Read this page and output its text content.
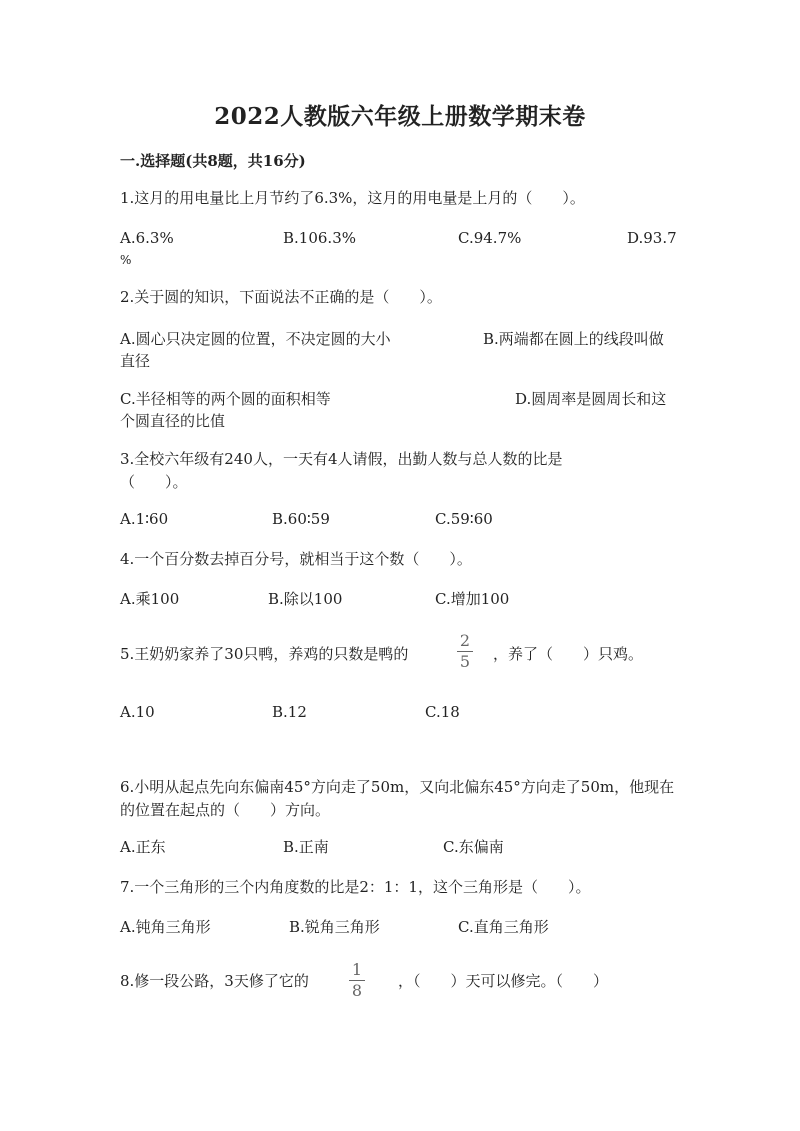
2022人教版六年级上册数学期末卷
一.选择题(共8题，共16分)
1.这月的用电量比上月节约了6.3%，这月的用电量是上月的（　　）。
A.6.3%	B.106.3%	C.94.7%	D.93.7
%
2.关于圆的知识，下面说法不正确的是（　　）。
A.圆心只决定圆的位置，不决定圆的大小	B.两端都在圆上的线段叫做
直径
C.半径相等的两个圆的面积相等	D.圆周率是圆周长和这
个圆直径的比值
3.全校六年级有240人，一天有4人请假，出勤人数与总人数的比是（　　）。
A.1∶60	B.60∶59	C.59∶60
4.一个百分数去掉百分号，就相当于这个数（　　）。
A.乘100	B.除以100	C.增加100
5.王奶奶家养了30只鸭，养鸡的只数是鸭的
2
5 ，养了（　　）只鸡。
A.10	B.12	C.18
6.小明从起点先向东偏南45°方向走了50m，又向北偏东45°方向走了50m，他现在的位置在起点的（　　）方向。
A.正东	B.正南	C.东偏南
7.一个三角形的三个内角度数的比是2：1：1，这个三角形是（　　）。
A.钝角三角形	B.锐角三角形	C.直角三角形
8.修一段公路，3天修了它的
1
8 ，（　　）天可以修完。（　　）
